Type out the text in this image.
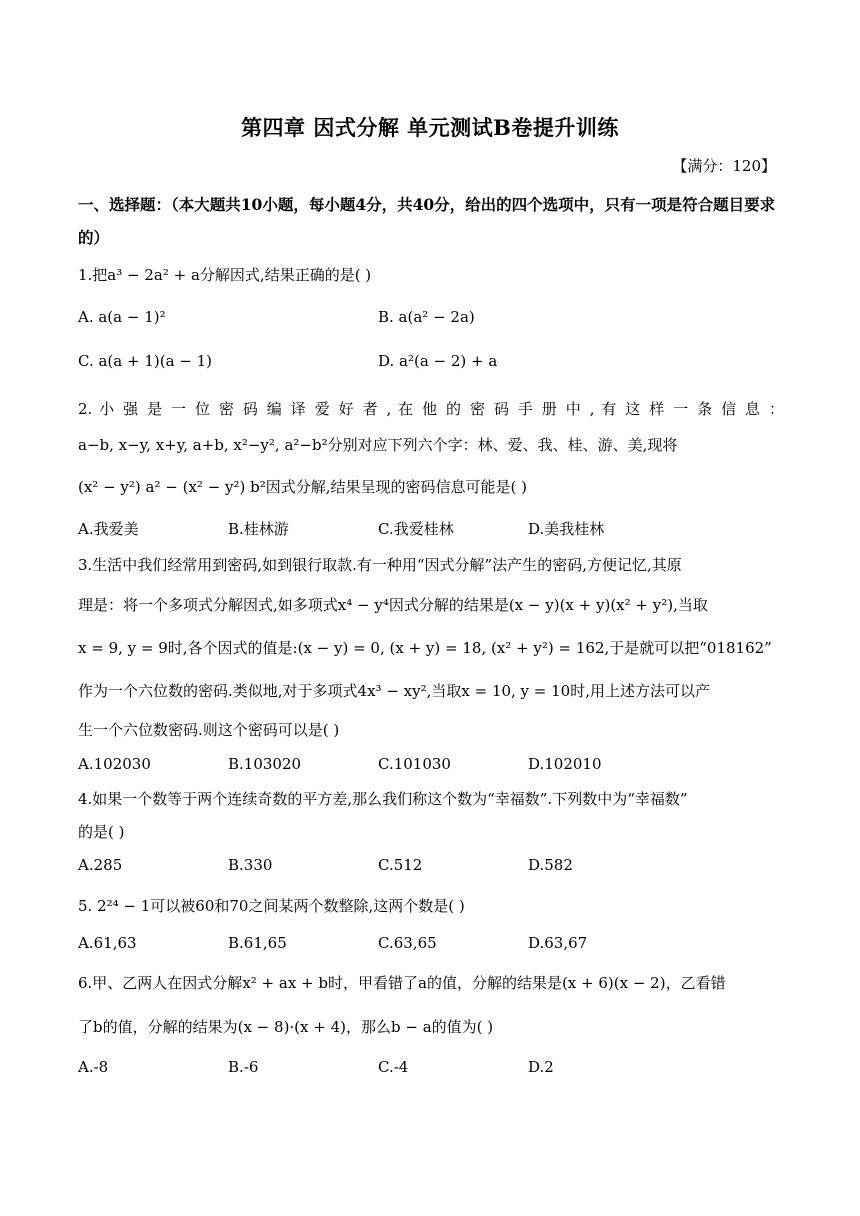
第四章 因式分解 单元测试B卷提升训练
【满分：120】
一、选择题：（本大题共10小题，每小题4分，共40分，给出的四个选项中，只有一项是符合题目要求的）
1.把a³ − 2a² + a分解因式,结果正确的是( )
A. a(a − 1)²	B. a(a² − 2a)
C. a(a + 1)(a − 1)	D. a²(a − 2) + a
2. 小 强 是 一 位 密 码 编 译 爱 好 者 , 在 他 的 密 码 手 册 中 , 有 这 样 一 条 信 息 ：
a−b, x−y, x+y, a+b, x²−y², a²−b²分别对应下列六个字：林、爱、我、桂、游、美,现将
(x² − y²) a² − (x² − y²) b²因式分解,结果呈现的密码信息可能是( )
A.我爱美	B.桂林游	C.我爱桂林	D.美我桂林
3.生活中我们经常用到密码,如到银行取款.有一种用“因式分解”法产生的密码,方便记忆,其原
理是：将一个多项式分解因式,如多项式x⁴ − y⁴因式分解的结果是(x − y)(x + y)(x² + y²),当取
x = 9, y = 9时,各个因式的值是:(x − y) = 0, (x + y) = 18, (x² + y²) = 162,于是就可以把“018162”
作为一个六位数的密码.类似地,对于多项式4x³ − xy²,当取x = 10, y = 10时,用上述方法可以产
生一个六位数密码.则这个密码可以是( )
A.102030	B.103020	C.101030	D.102010
4.如果一个数等于两个连续奇数的平方差,那么我们称这个数为“幸福数”.下列数中为“幸福数”
的是( )
A.285	B.330	C.512	D.582
5. 2²⁴ − 1可以被60和70之间某两个数整除,这两个数是( )
A.61,63	B.61,65	C.63,65	D.63,67
6.甲、乙两人在因式分解x² + ax + b时，甲看错了a的值，分解的结果是(x + 6)(x − 2)，乙看错
了b的值，分解的结果为(x − 8)·(x + 4)，那么b − a的值为( )
A.-8	B.-6	C.-4	D.2
